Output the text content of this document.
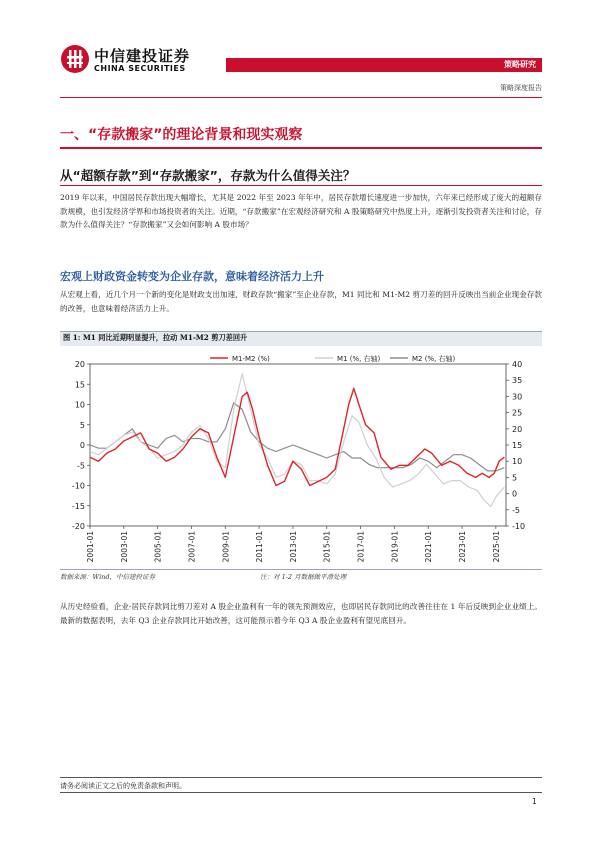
中信建投证券
CHINA SECURITIES	策略研究
策略深度报告
一、“存款搬家”的理论背景和现实观察
从“超额存款”到“存款搬家”，存款为什么值得关注？
2019 年以来，中国居民存款出现大幅增长，尤其是 2022 年至 2023 年年中，居民存款增长速度进一步加快，六年来已经形成了庞大的超额存款规模，也引发经济学界和市场投资者的关注。近期，“存款搬家”在宏观经济研究和 A 股策略研究中热度上升，逐渐引发投资者关注和讨论，存款为什么值得关注？“存款搬家”又会如何影响 A 股市场？
宏观上财政资金转变为企业存款，意味着经济活力上升
从宏观上看，近几个月一个新的变化是财政支出加速，财政存款“搬家”至企业存款，M1 同比和 M1-M2 剪刀差的回升反映出当前企业现金存款的改善，也意味着经济活力上升。
图 1: M1 同比近期明显提升，拉动 M1-M2 剪刀差回升
-20
-15
-10
-5
0
5
10
15
20
-10
-5
0
5
10
15
20
25
30
35
40
2001-01	2003-01	2005-01	2007-01	2009-01	2011-01	2013-01	2015-01	2017-01	2019-01	2021-01	2023-01	2025-01
M1-M2 (%)	M1 (%, 右轴)	M2 (%, 右轴)
数据来源：Wind，中信建投证券	注：对 1-2 月数据做平滑处理
从历史经验看，企业-居民存款同比剪刀差对 A 股企业盈利有一年的领先预测效应，也即居民存款同比的改善往往在 1 年后反映到企业业绩上。最新的数据表明，去年 Q3 企业存款同比开始改善，这可能预示着今年 Q3 A 股企业盈利有望见底回升。
请务必阅读正文之后的免责条款和声明。
1
